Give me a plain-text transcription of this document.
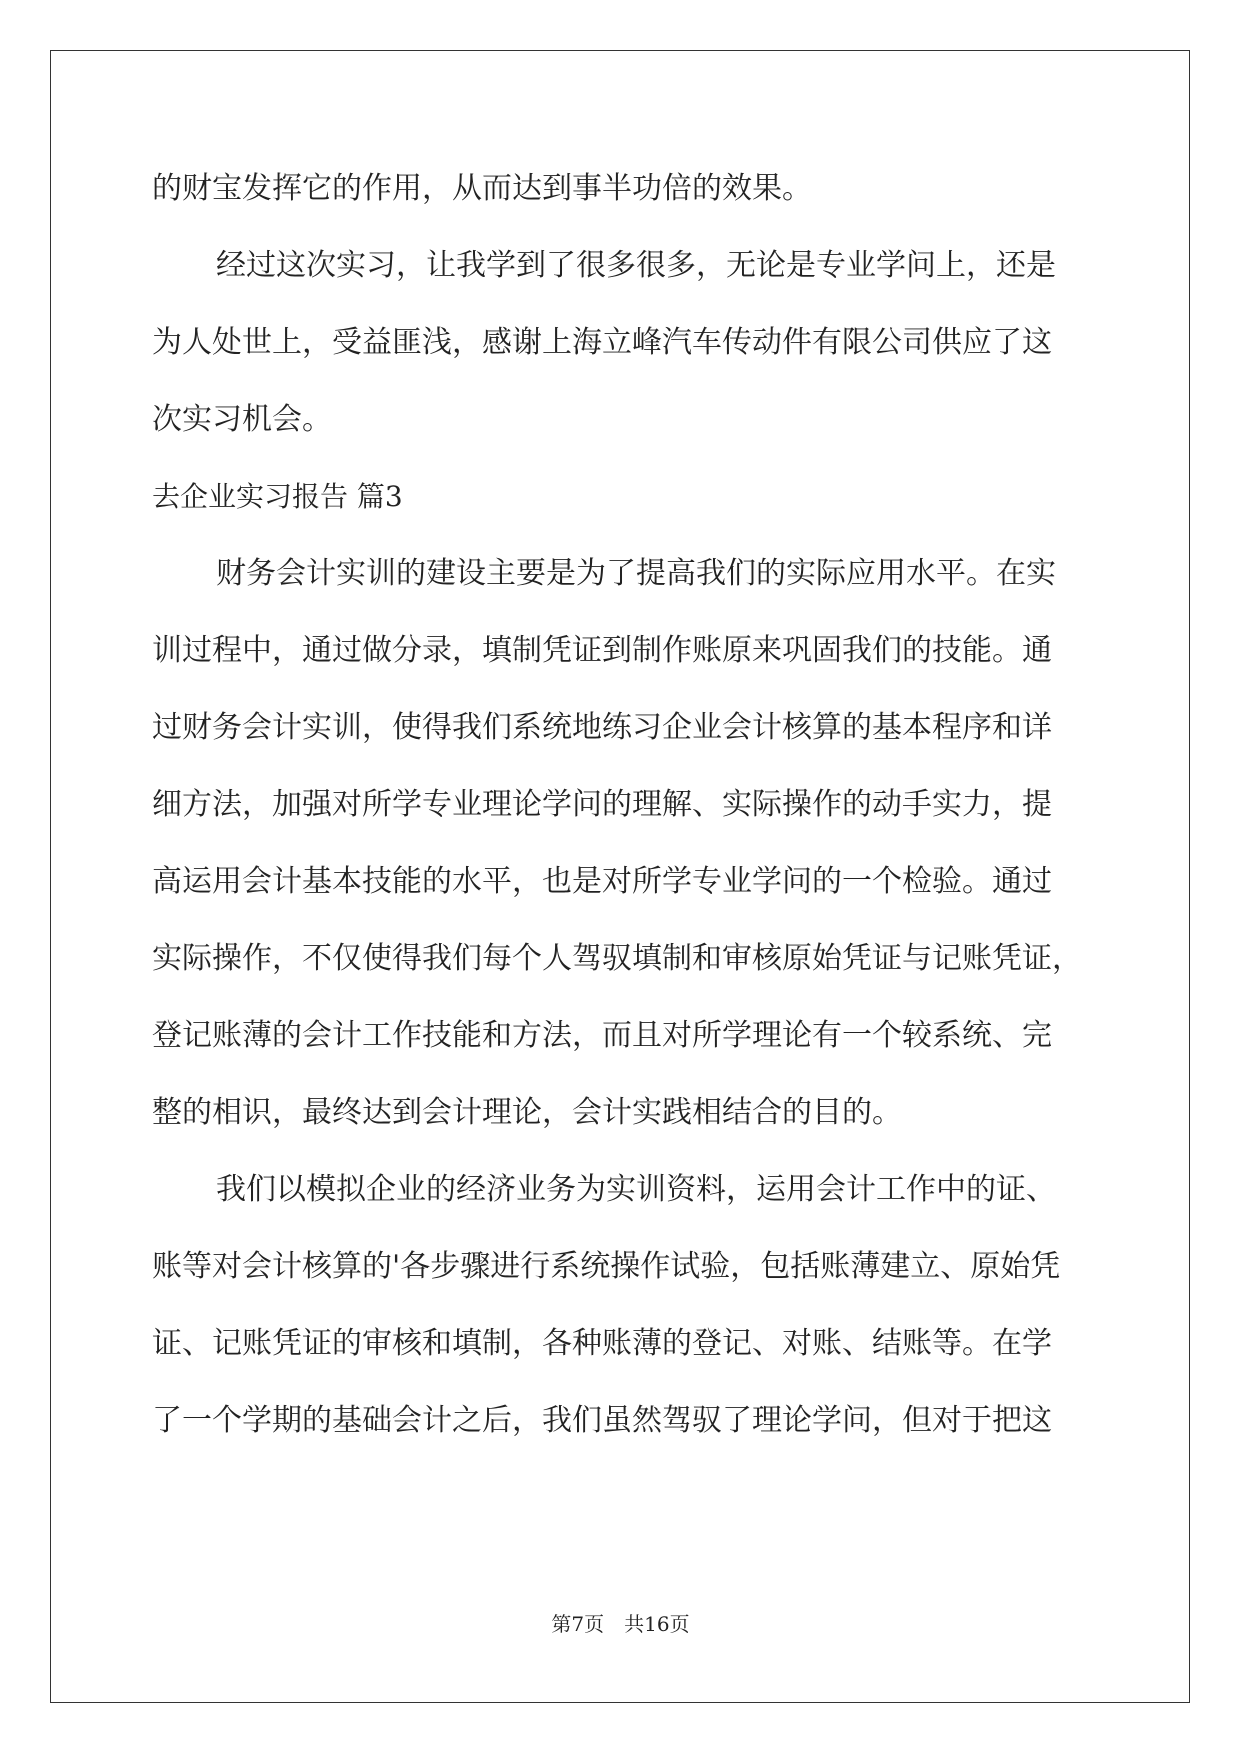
的财宝发挥它的作用，从而达到事半功倍的效果。

经过这次实习，让我学到了很多很多，无论是专业学问上，还是

为人处世上，受益匪浅，感谢上海立峰汽车传动件有限公司供应了这

次实习机会。

去企业实习报告 篇3

财务会计实训的建设主要是为了提高我们的实际应用水平。在实

训过程中，通过做分录，填制凭证到制作账原来巩固我们的技能。通

过财务会计实训，使得我们系统地练习企业会计核算的基本程序和详

细方法，加强对所学专业理论学问的理解、实际操作的动手实力，提

高运用会计基本技能的水平，也是对所学专业学问的一个检验。通过

实际操作，不仅使得我们每个人驾驭填制和审核原始凭证与记账凭证，

登记账薄的会计工作技能和方法，而且对所学理论有一个较系统、完

整的相识，最终达到会计理论，会计实践相结合的目的。

我们以模拟企业的经济业务为实训资料，运用会计工作中的证、

账等对会计核算的'各步骤进行系统操作试验，包括账薄建立、原始凭

证、记账凭证的审核和填制，各种账薄的登记、对账、结账等。在学

了一个学期的基础会计之后，我们虽然驾驭了理论学问，但对于把这

第7页　共16页
